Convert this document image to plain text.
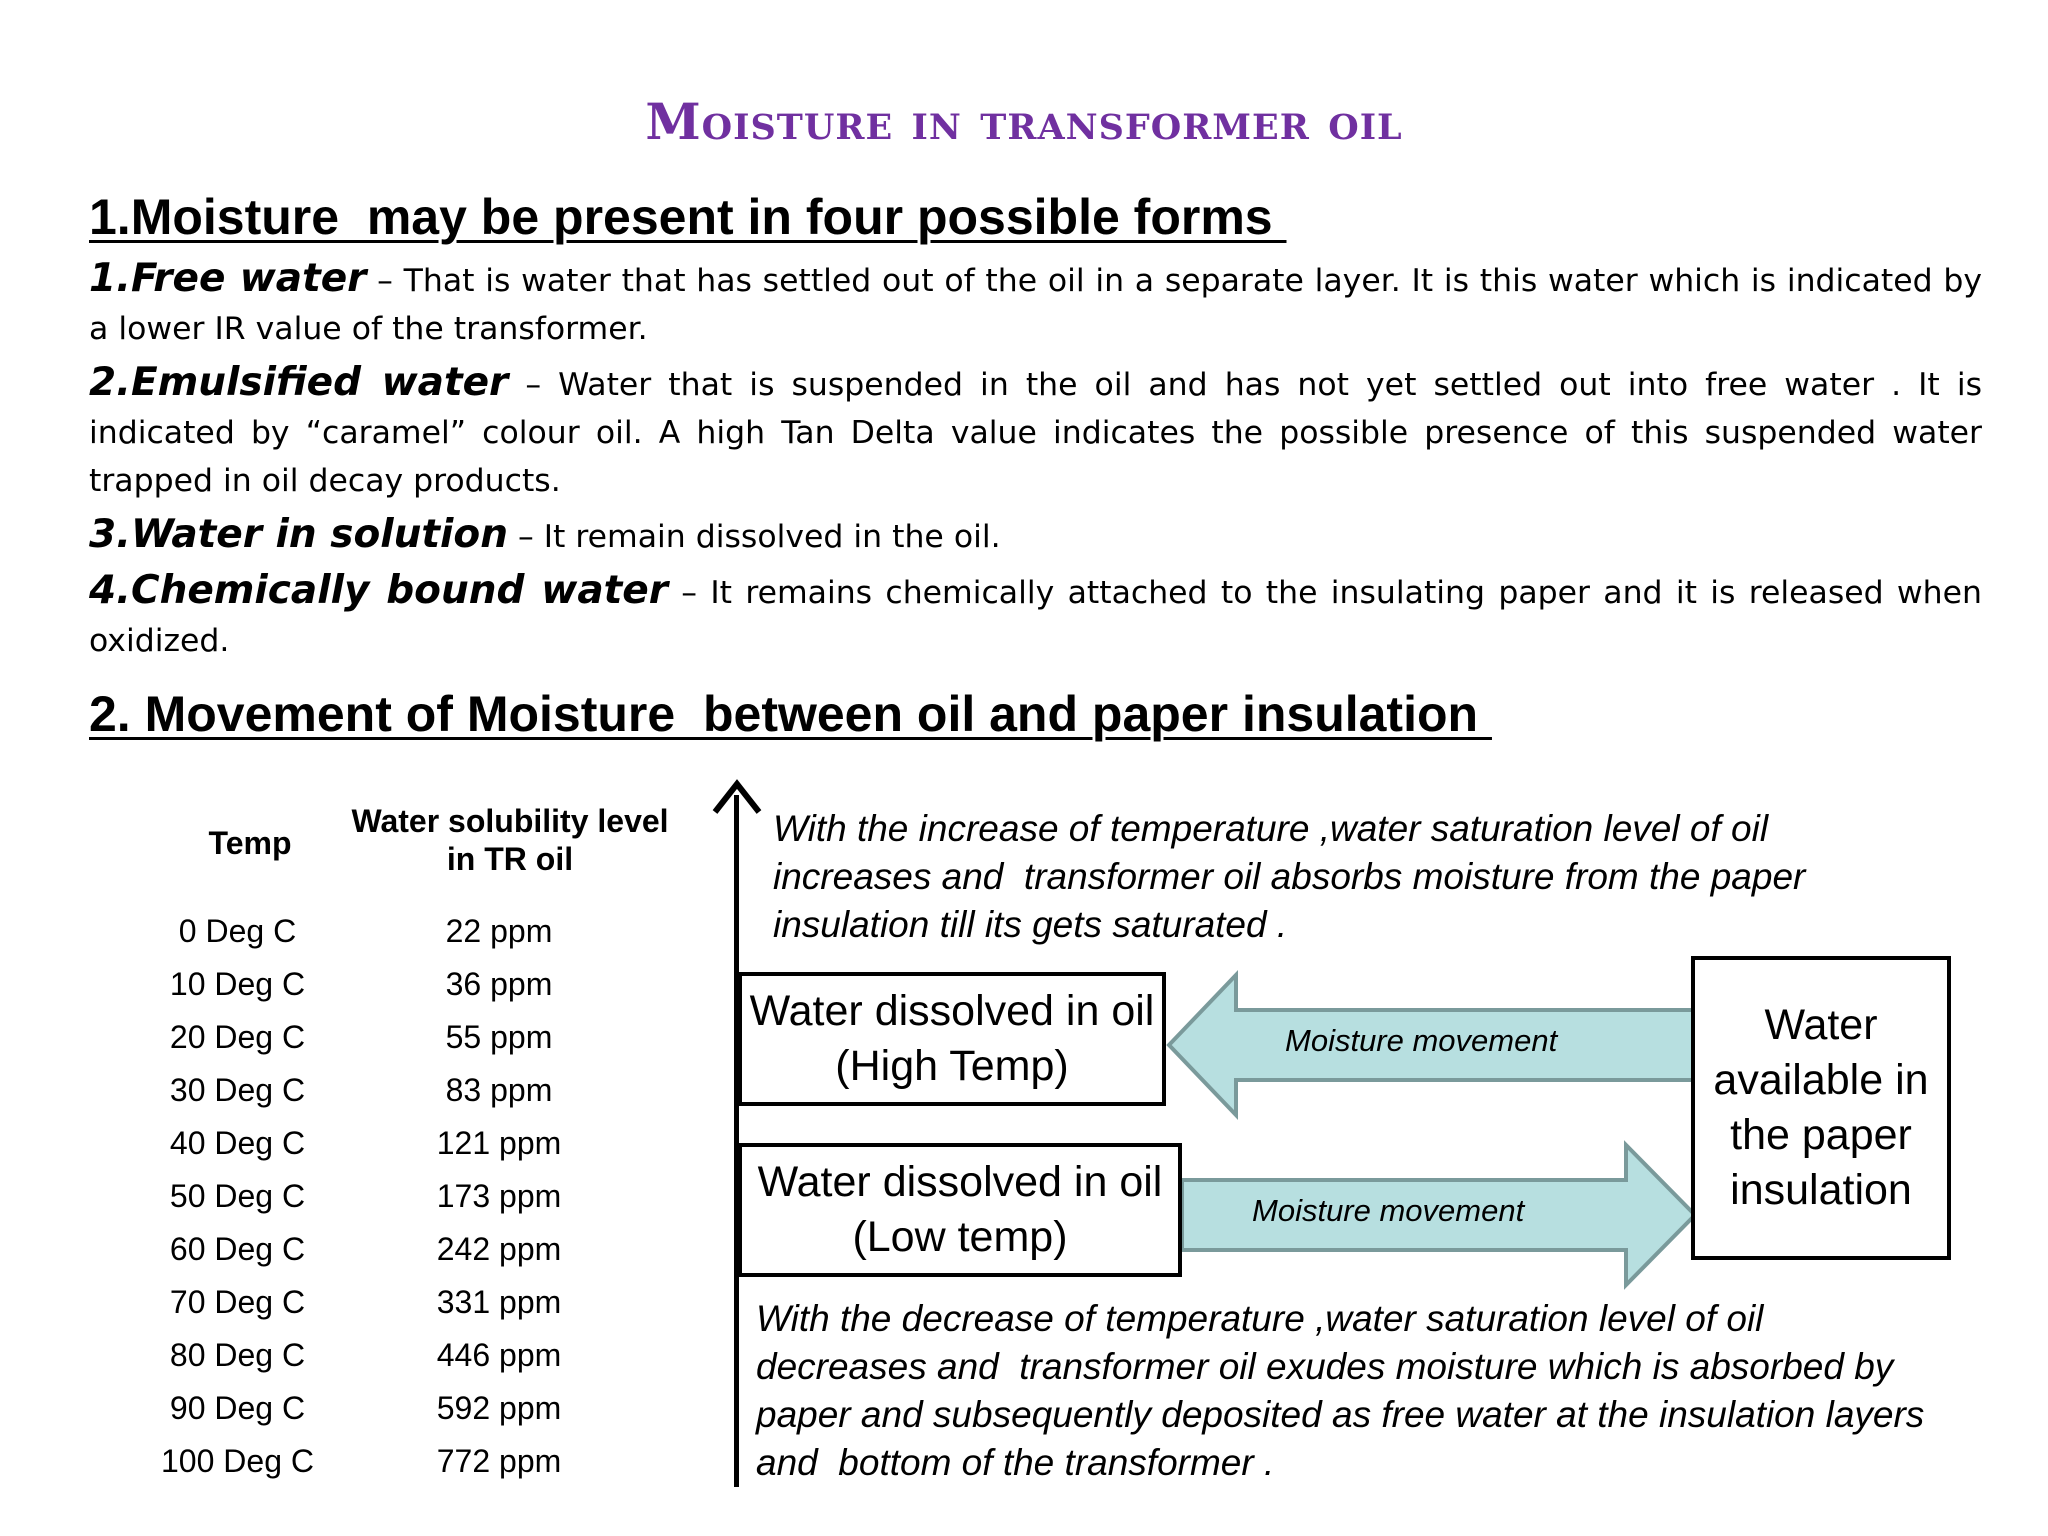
Moisture in transformer oil
1.Moisture  may be present in four possible forms

1.Free water – That is water that has settled out of the oil in a separate layer. It is this water which is indicated by a lower IR value of the transformer.

2.Emulsified water – Water that is suspended in the oil and has not yet settled out into free water . It is indicated by “caramel” colour oil. A high Tan Delta value indicates the possible presence of this suspended water trapped in oil decay products.

3.Water in solution – It remain dissolved in the oil.

4.Chemically bound water – It remains chemically attached to the insulating paper and it is released when oxidized.

2. Movement of Moisture  between oil and paper insulation
Temp
Water solubility level in TR oil
0 Deg C	22 ppm
10 Deg C	36 ppm
20 Deg C	55 ppm
30 Deg C	83 ppm
40 Deg C	121 ppm
50 Deg C	173 ppm
60 Deg C	242 ppm
70 Deg C	331 ppm
80 Deg C	446 ppm
90 Deg C	592 ppm
100 Deg C	772 ppm
With the increase of temperature ,water saturation level of oil
increases and  transformer oil absorbs moisture from the paper
insulation till its gets saturated .
Moisture movement
Moisture movement
Water dissolved in oil (High Temp)
Water dissolved in oil (Low temp)
Water available in the paper insulation
With the decrease of temperature ,water saturation level of oil
decreases and  transformer oil exudes moisture which is absorbed by
paper and subsequently deposited as free water at the insulation layers
and  bottom of the transformer .
